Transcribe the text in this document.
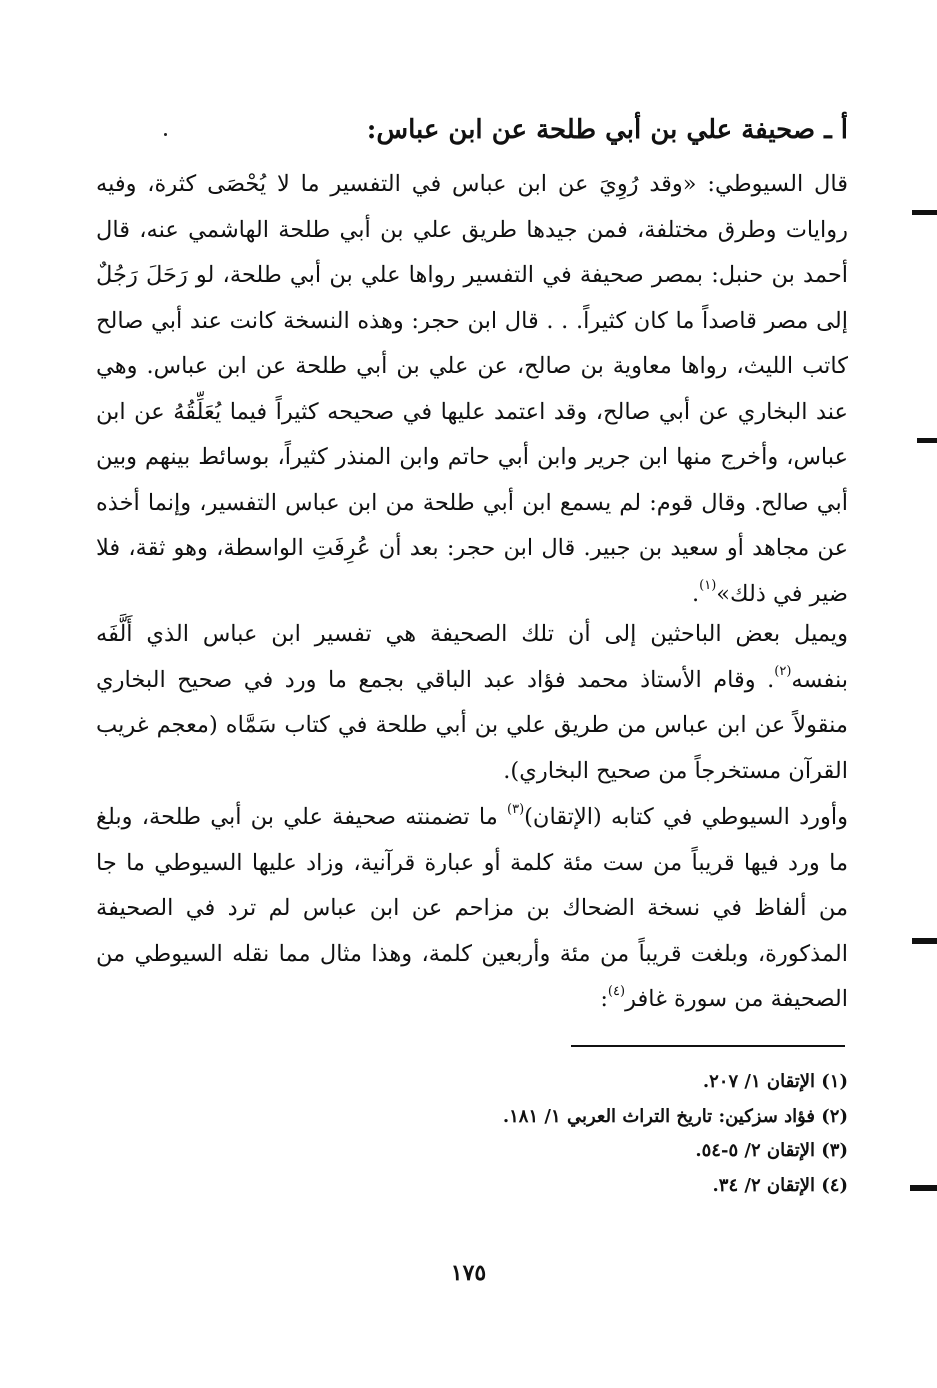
أ ـ صحيفة علي بن أبي طلحة عن ابن عباس:

قال السيوطي: «وقد رُوِيَ عن ابن عباس في التفسير ما لا يُحْصَى كثرة، وفيه روايات وطرق مختلفة، فمن جيدها طريق علي بن أبي طلحة الهاشمي عنه، قال أحمد بن حنبل: بمصر صحيفة في التفسير رواها علي بن أبي طلحة، لو رَحَلَ رَجُلٌ إلى مصر قاصداً ما كان كثيراً. . . قال ابن حجر: وهذه النسخة كانت عند أبي صالح كاتب الليث، رواها معاوية بن صالح، عن علي بن أبي طلحة عن ابن عباس. وهي عند البخاري عن أبي صالح، وقد اعتمد عليها في صحيحه كثيراً فيما يُعَلِّقُهُ عن ابن عباس، وأخرج منها ابن جرير وابن أبي حاتم وابن المنذر كثيراً، بوسائط بينهم وبين أبي صالح. وقال قوم: لم يسمع ابن أبي طلحة من ابن عباس التفسير، وإنما أخذه عن مجاهد أو سعيد بن جبير. قال ابن حجر: بعد أن عُرِفَتِ الواسطة، وهو ثقة، فلا ضير في ذلك»$^{(١)}$.

ويميل بعض الباحثين إلى أن تلك الصحيفة هي تفسير ابن عباس الذي أَلَّفَه بنفسه$^{(٢)}$. وقام الأستاذ محمد فؤاد عبد الباقي بجمع ما ورد في صحيح البخاري منقولاً عن ابن عباس من طريق علي بن أبي طلحة في كتاب سَمَّاه (معجم غريب القرآن مستخرجاً من صحيح البخاري).

وأورد السيوطي في كتابه (الإتقان)$^{(٣)}$ ما تضمنته صحيفة علي بن أبي طلحة، وبلغ ما ورد فيها قريباً من ست مئة كلمة أو عبارة قرآنية، وزاد عليها السيوطي ما جا من ألفاظ في نسخة الضحاك بن مزاحم عن ابن عباس لم ترد في الصحيفة المذكورة، وبلغت قريباً من مئة وأربعين كلمة، وهذا مثال مما نقله السيوطي من الصحيفة من سورة غافر$^{(٤)}$:

(١) الإتقان ١/ ٢٠٧.
(٢) فؤاد سزكين: تاريخ التراث العربي ١/ ١٨١.
(٣) الإتقان ٢/ ٥-٥٤.
(٤) الإتقان ٢/ ٣٤.
١٧٥
